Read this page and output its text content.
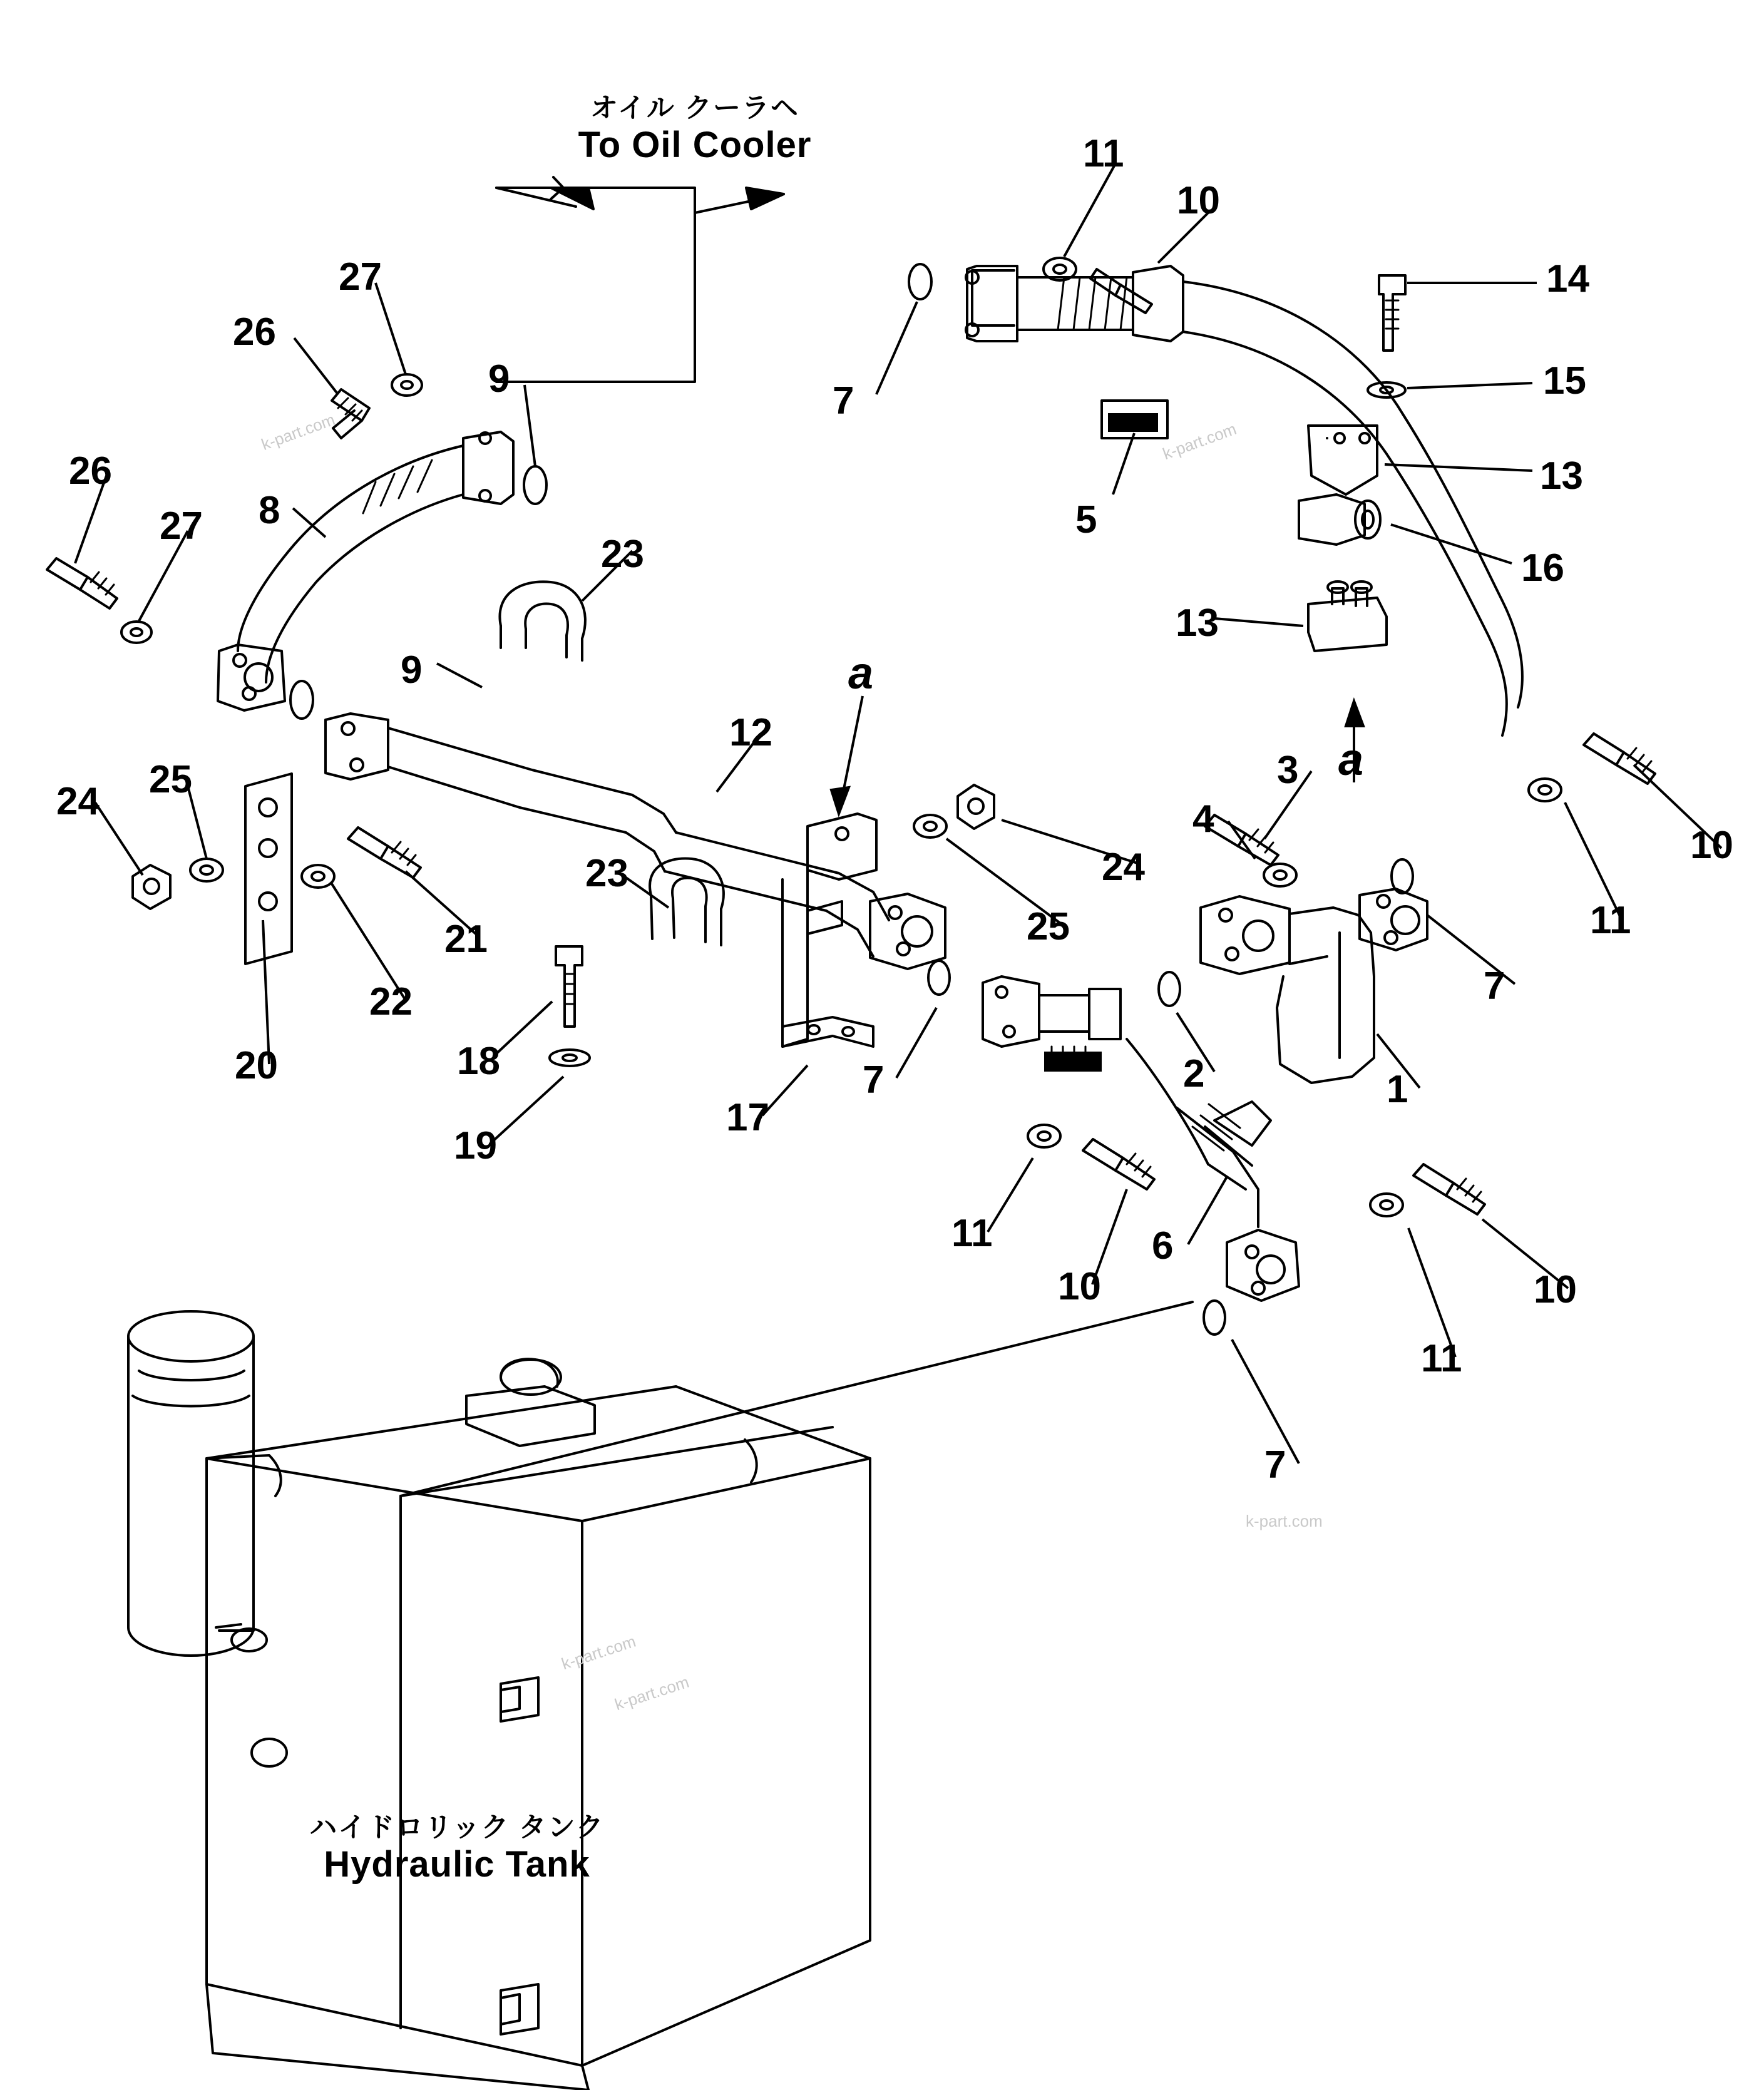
オイル クーラヘ
To Oil Cooler
ハイドロリック タンク
Hydraulic Tank
a
a
27
26
9
11
10
14
15
13
7
26
27 8	5
16
23
9
12
13
25
24
3
4
24
10
11
23
25
21
22	7
18
19
20
17
7	2	1
11
10
6
10
11
7
k-part.com	k-part.com
k-part.com
k-part.com
k-part.com
